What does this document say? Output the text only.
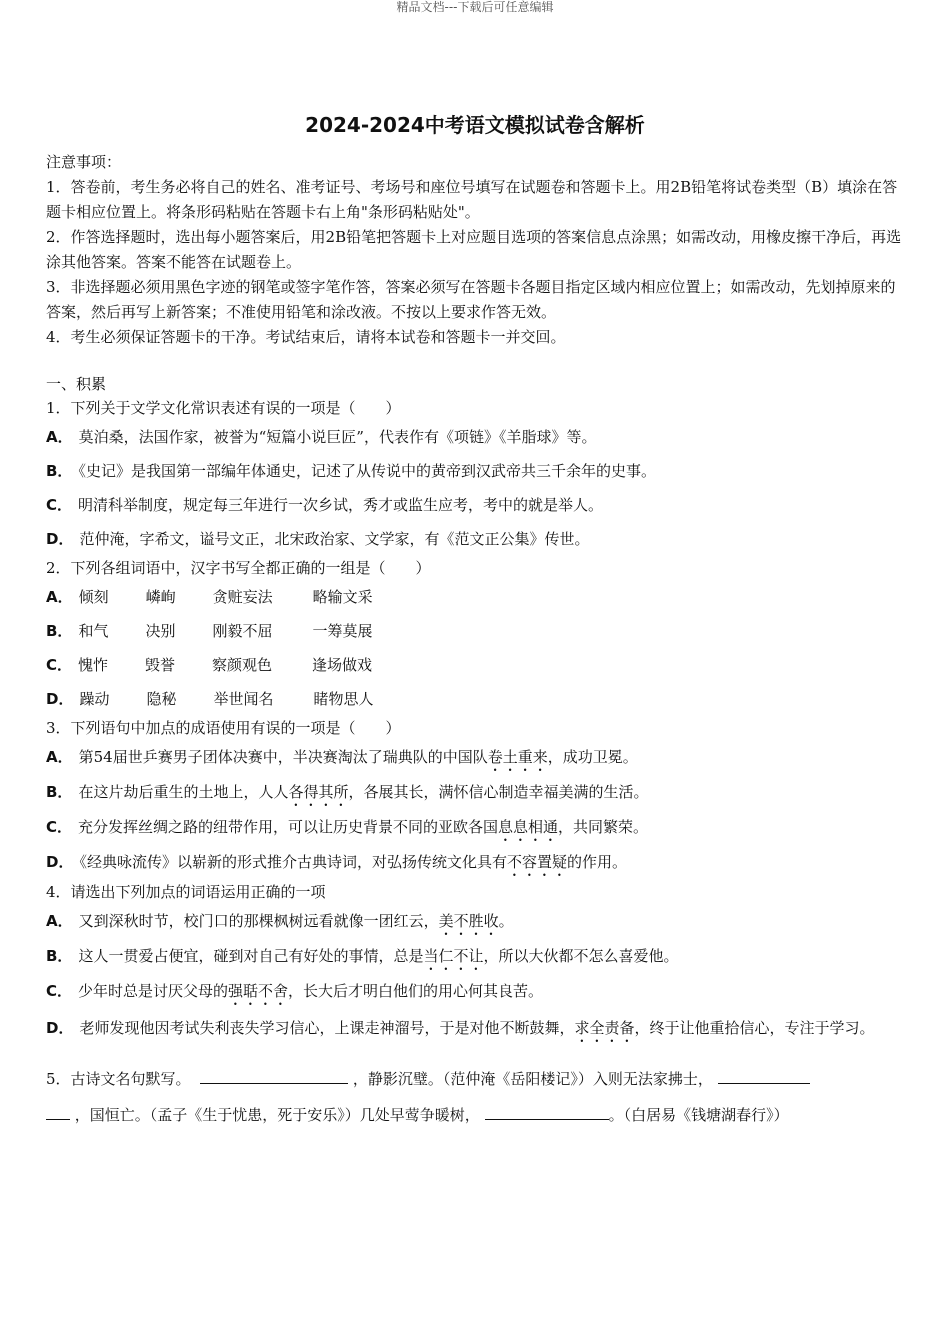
精品文档---下载后可任意编辑
2024-2024中考语文模拟试卷含解析

注意事项：

1．答卷前，考生务必将自己的姓名、准考证号、考场号和座位号填写在试题卷和答题卡上。用2B铅笔将试卷类型（B）填涂在答题卡相应位置上。将条形码粘贴在答题卡右上角"条形码粘贴处"。

2．作答选择题时，选出每小题答案后，用2B铅笔把答题卡上对应题目选项的答案信息点涂黑；如需改动，用橡皮擦干净后，再选涂其他答案。答案不能答在试题卷上。

3．非选择题必须用黑色字迹的钢笔或签字笔作答，答案必须写在答题卡各题目指定区域内相应位置上；如需改动，先划掉原来的答案，然后再写上新答案；不准使用铅笔和涂改液。不按以上要求作答无效。

4．考生必须保证答题卡的干净。考试结束后，请将本试卷和答题卡一并交回。

一、积累

1．下列关于文学文化常识表述有误的一项是（　　）

A． 莫泊桑，法国作家，被誉为“短篇小说巨匠”，代表作有《项链》《羊脂球》等。

B． 《史记》是我国第一部编年体通史，记述了从传说中的黄帝到汉武帝共三千余年的史事。

C． 明清科举制度，规定每三年进行一次乡试，秀才或监生应考，考中的就是举人。

D． 范仲淹，字希文，谥号文正，北宋政治家、文学家，有《范文正公集》传世。

2．下列各组词语中，汉字书写全都正确的一组是（　　）

A． 倾刻 嶙峋 贪赃妄法	略输文采

B． 和气 决别 刚毅不屈	一筹莫展

C． 愧怍 毁誉 察颜观色	逢场做戏

D． 躁动 隐秘 举世闻名	睹物思人

3．下列语句中加点的成语使用有误的一项是（　　）

A． 第54届世乒赛男子团体决赛中，半决赛淘汰了瑞典队的中国队卷土重来，成功卫冕。

B． 在这片劫后重生的土地上，人人各得其所，各展其长，满怀信心制造幸福美满的生活。

C． 充分发挥丝绸之路的纽带作用，可以让历史背景不同的亚欧各国息息相通，共同繁荣。

D． 《经典咏流传》以崭新的形式推介古典诗词，对弘扬传统文化具有不容置疑的作用。

4．请选出下列加点的词语运用正确的一项

A． 又到深秋时节，校门口的那棵枫树远看就像一团红云，美不胜收。

B． 这人一贯爱占便宜，碰到对自己有好处的事情，总是当仁不让，所以大伙都不怎么喜爱他。

C． 少年时总是讨厌父母的强聒不舍，长大后才明白他们的用心何其良苦。

D． 老师发现他因考试失利丧失学习信心，上课走神溜号，于是对他不断鼓舞，求全责备，终于让他重拾信心，专注于学习。

5．古诗文名句默写。	，静影沉璧。（范仲淹《岳阳楼记》）入则无法家拂士，
，国恒亡。（孟子《生于忧患，死于安乐》）几处早莺争暖树，	。（白居易《钱塘湖春行》）
